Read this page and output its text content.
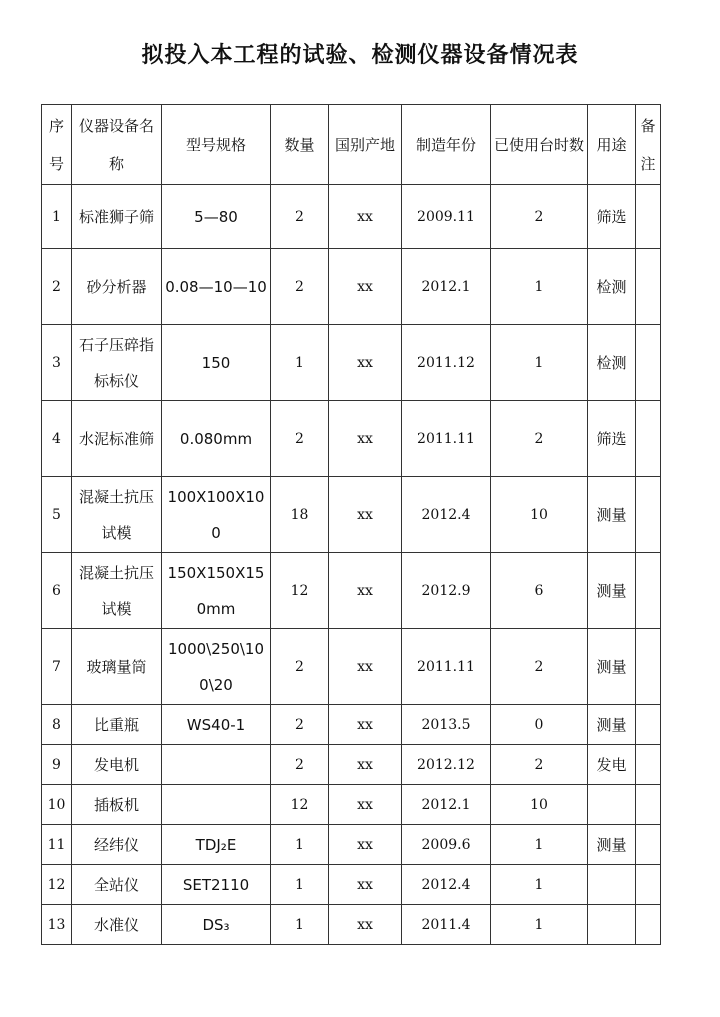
拟投入本工程的试验、检测仪器设备情况表
序号	仪器设备名称	型号规格	数量	国别产地	制造年份	已使用台时数	用途	备注
1	标准狮子筛	5—80	2	xx	2009.11	2	筛选	
2	砂分析器	0.08—10—10	2	xx	2012.1	1	检测	
3	石子压碎指标标仪	150	1	xx	2011.12	1	检测	
4	水泥标准筛	0.080mm	2	xx	2011.11	2	筛选	
5	混凝土抗压试模	100X100X100	18	xx	2012.4	10	测量	
6	混凝土抗压试模	150X150X150mm	12	xx	2012.9	6	测量	
7	玻璃量筒	1000\250\100\20	2	xx	2011.11	2	测量	
8	比重瓶	WS40-1	2	xx	2013.5	0	测量	
9	发电机		2	xx	2012.12	2	发电	
10	插板机		12	xx	2012.1	10		
11	经纬仪	TDJ₂E	1	xx	2009.6	1	测量	
12	全站仪	SET2110	1	xx	2012.4	1		
13	水准仪	DS₃	1	xx	2011.4	1		
